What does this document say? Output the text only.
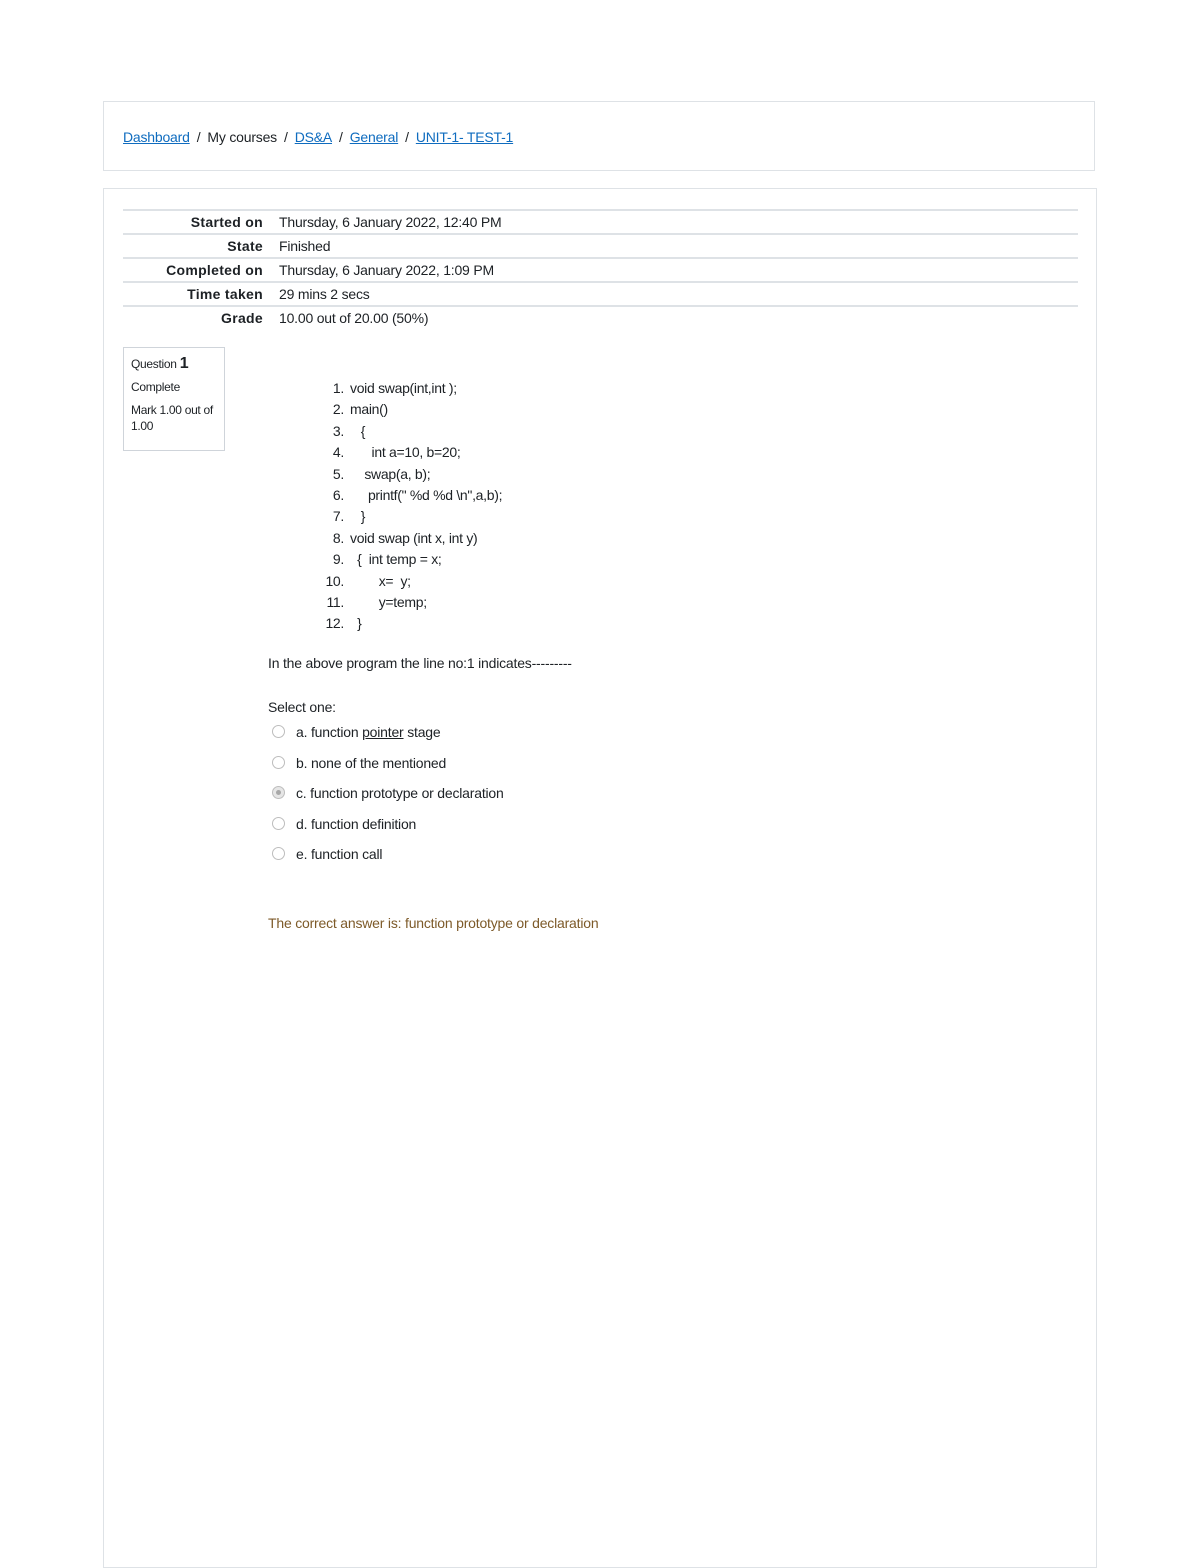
Dashboard / My courses / DS&A / General / UNIT-1- TEST-1
Started on Thursday, 6 January 2022, 12:40 PM
State Finished
Completed on Thursday, 6 January 2022, 1:09 PM
Time taken 29 mins 2 secs
Grade 10.00 out of 20.00 (50%)
Question 1
Complete
Mark 1.00 out of 1.00
1. void swap(int,int );
2. main()
3.   {
4.      int a=10, b=20;
5.    swap(a, b);
6.     printf(" %d %d \n",a,b);
7.   }
8. void swap (int x, int y)
9.  {  int temp = x;
10.        x=  y;
11.        y=temp;
12.  }
In the above program the line no:1 indicates---------
Select one:
a. function pointer stage
b. none of the mentioned
c. function prototype or declaration
d. function definition
e. function call
The correct answer is: function prototype or declaration
